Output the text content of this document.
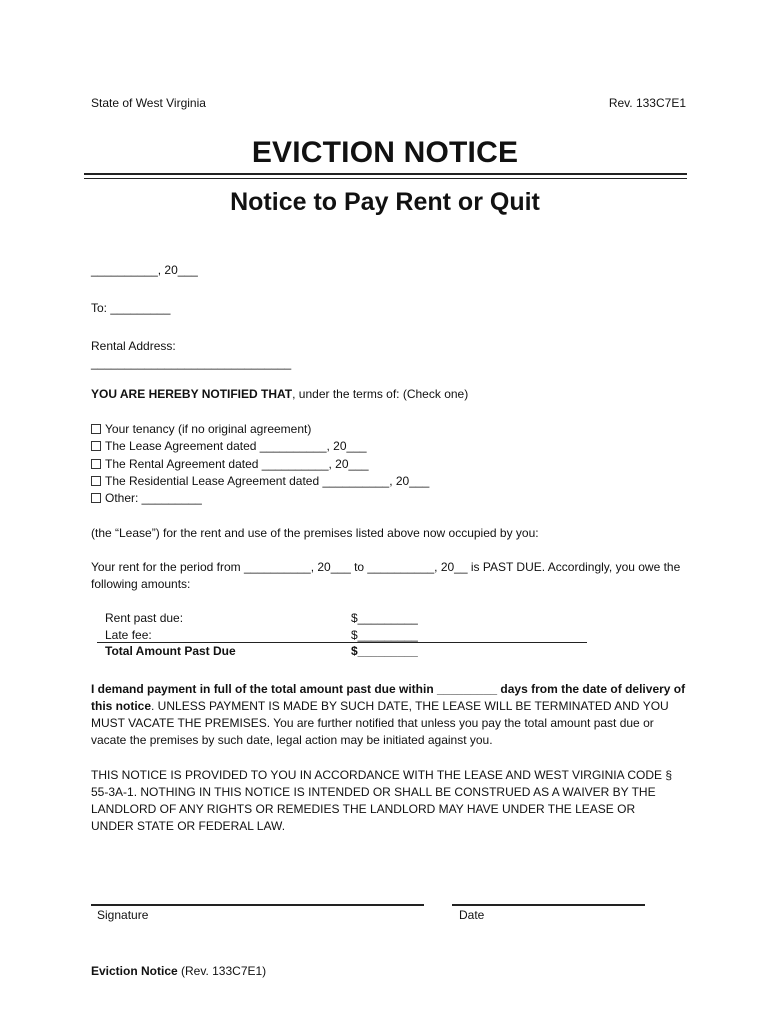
State of West Virginia	Rev. 133C7E1
EVICTION NOTICE
Notice to Pay Rent or Quit
__________, 20___
To: _________
Rental Address:
______________________________
YOU ARE HEREBY NOTIFIED THAT, under the terms of: (Check one)
Your tenancy (if no original agreement)
The Lease Agreement dated __________, 20___
The Rental Agreement dated __________, 20___
The Residential Lease Agreement dated __________, 20___
Other: _________
(the “Lease”) for the rent and use of the premises listed above now occupied by you:
Your rent for the period from __________, 20___ to __________, 20__ is PAST DUE. Accordingly, you owe the following amounts:
Rent past due:	$_________
Late fee:	$_________
Total Amount Past Due	$_________
I demand payment in full of the total amount past due within _________ days from the date of delivery of this notice. UNLESS PAYMENT IS MADE BY SUCH DATE, THE LEASE WILL BE TERMINATED AND YOU MUST VACATE THE PREMISES. You are further notified that unless you pay the total amount past due or vacate the premises by such date, legal action may be initiated against you.
THIS NOTICE IS PROVIDED TO YOU IN ACCORDANCE WITH THE LEASE AND WEST VIRGINIA CODE § 55-3A-1. NOTHING IN THIS NOTICE IS INTENDED OR SHALL BE CONSTRUED AS A WAIVER BY THE LANDLORD OF ANY RIGHTS OR REMEDIES THE LANDLORD MAY HAVE UNDER THE LEASE OR UNDER STATE OR FEDERAL LAW.
Signature	Date
Eviction Notice (Rev. 133C7E1)
